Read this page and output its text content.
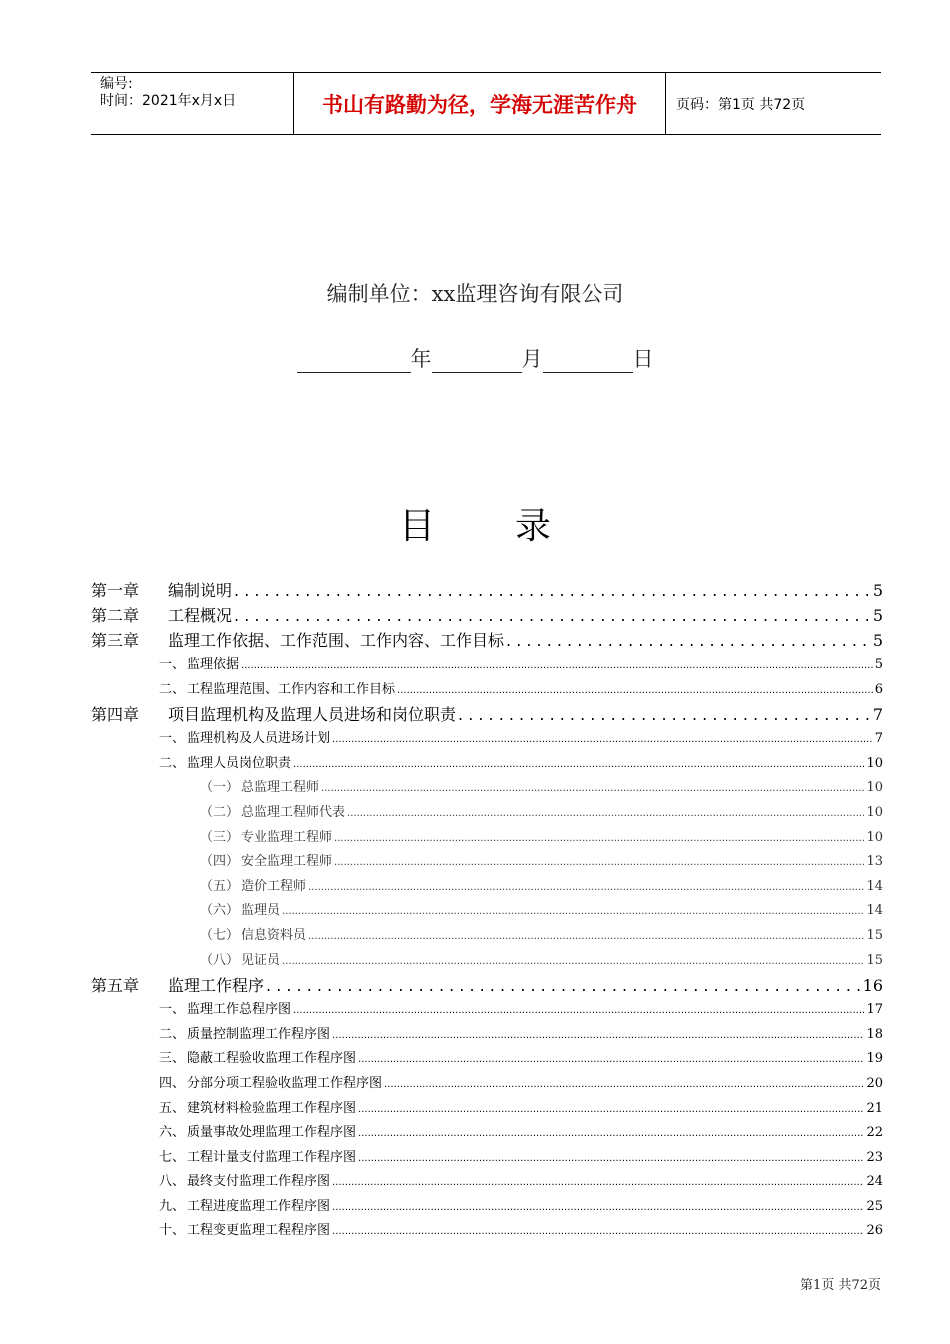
编号:
时间：2021年x月x日	书山有路勤为径，学海无涯苦作舟	页码：第1页 共72页
编制单位：xx监理咨询有限公司
年	月	日
目录
第一章	编制说明 . . .	5
第二章	工程概况 . . .	5
第三章	监理工作依据、工作范围、工作内容、工作目标 . . .	5
一、 监理依据 .....	5
二、 工程监理范围、工作内容和工作目标 .....	6
第四章	项目监理机构及监理人员进场和岗位职责 . . .	7
一、 监理机构及人员进场计划 .....	7
二、 监理人员岗位职责 .....	10
（一） 总监理工程师 .....	10
（二） 总监理工程师代表 .....	10
（三） 专业监理工程师 .....	10
（四） 安全监理工程师 .....	13
（五） 造价工程师 .....	14
（六） 监理员 .....	14
（七） 信息资料员 .....	15
（八） 见证员 .....	15
第五章	监理工作程序 . . .	16
一、 监理工作总程序图 .....	17
二、 质量控制监理工作程序图 .....	18
三、 隐蔽工程验收监理工作程序图 .....	19
四、 分部分项工程验收监理工作程序图 .....	20
五、 建筑材料检验监理工作程序图 .....	21
六、 质量事故处理监理工作程序图 .....	22
七、 工程计量支付监理工作程序图 .....	23
八、 最终支付监理工作程序图 .....	24
九、 工程进度监理工作程序图 .....	25
十、 工程变更监理工程程序图 .....	26
第1页 共72页
